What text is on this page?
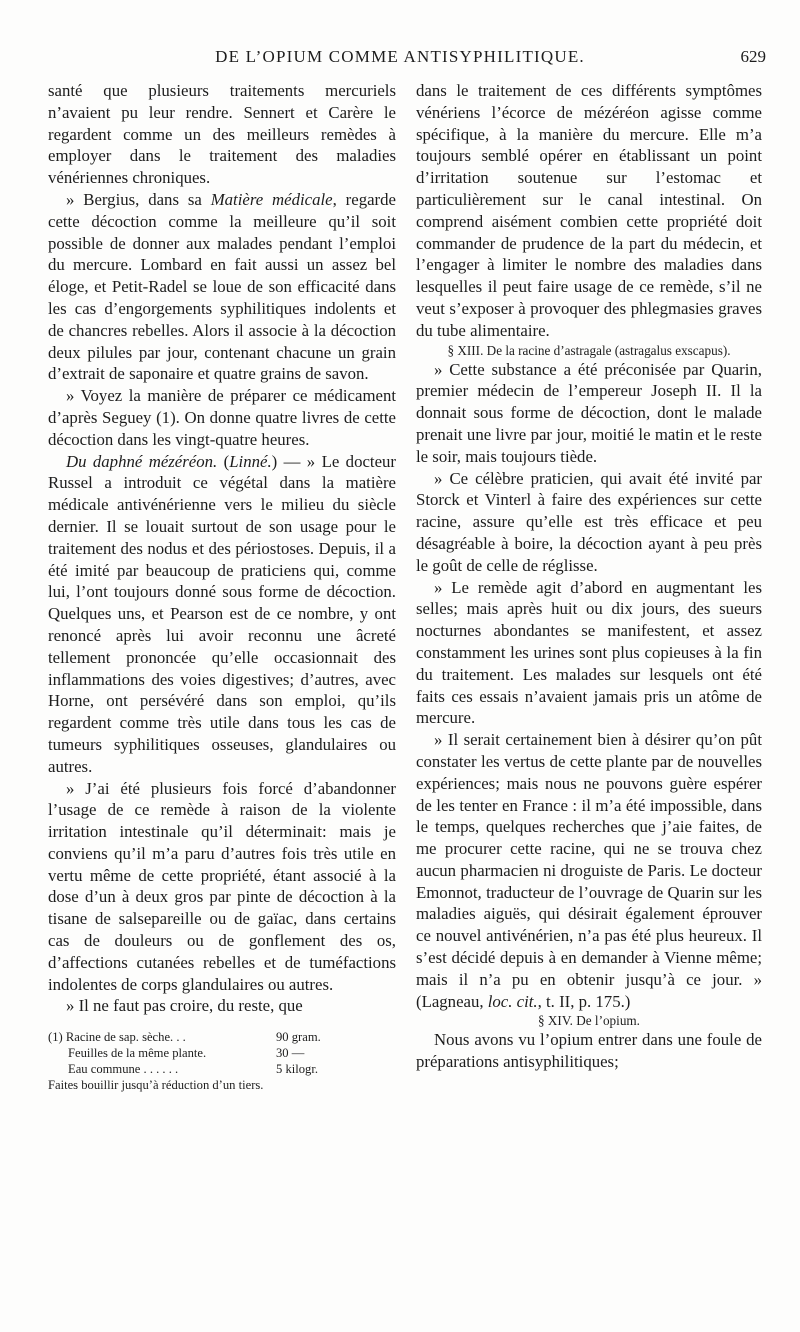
DE L’OPIUM COMME ANTISYPHILITIQUE.	629

santé que plusieurs traitements mercuriels n’avaient pu leur rendre. Sennert et Carère le regardent comme un des meilleurs remèdes à employer dans le traitement des maladies vénériennes chroniques.

» Bergius, dans sa Matière médicale, regarde cette décoction comme la meilleure qu’il soit possible de donner aux malades pendant l’emploi du mercure. Lombard en fait aussi un assez bel éloge, et Petit-Radel se loue de son efficacité dans les cas d’engorgements syphilitiques indolents et de chancres rebelles. Alors il associe à la décoction deux pilules par jour, contenant chacune un grain d’extrait de saponaire et quatre grains de savon.

» Voyez la manière de préparer ce médicament d’après Seguey (1). On donne quatre livres de cette décoction dans les vingt-quatre heures.

Du daphné mézéréon. (Linné.) — » Le docteur Russel a introduit ce végétal dans la matière médicale antivénérienne vers le milieu du siècle dernier. Il se louait surtout de son usage pour le traitement des nodus et des périostoses. Depuis, il a été imité par beaucoup de praticiens qui, comme lui, l’ont toujours donné sous forme de décoction. Quelques uns, et Pearson est de ce nombre, y ont renoncé après lui avoir reconnu une âcreté tellement prononcée qu’elle occasionnait des inflammations des voies digestives; d’autres, avec Horne, ont persévéré dans son emploi, qu’ils regardent comme très utile dans tous les cas de tumeurs syphilitiques osseuses, glandulaires ou autres.

» J’ai été plusieurs fois forcé d’abandonner l’usage de ce remède à raison de la violente irritation intestinale qu’il déterminait: mais je conviens qu’il m’a paru d’autres fois très utile en vertu même de cette propriété, étant associé à la dose d’un à deux gros par pinte de décoction à la tisane de salsepareille ou de gaïac, dans certains cas de douleurs ou de gonflement des os, d’affections cutanées rebelles et de tuméfactions indolentes de corps glandulaires ou autres.

» Il ne faut pas croire, du reste, que

(1) Racine de sap. sèche. . .	90 gram.
Feuilles de la même plante.	30 —
Eau commune . . . . . .	5 kilogr.
Faites bouillir jusqu’à réduction d’un tiers.

dans le traitement de ces différents symptômes vénériens l’écorce de mézéréon agisse comme spécifique, à la manière du mercure. Elle m’a toujours semblé opérer en établissant un point d’irritation soutenue sur l’estomac et particulièrement sur le canal intestinal. On comprend aisément combien cette propriété doit commander de prudence de la part du médecin, et l’engager à limiter le nombre des maladies dans lesquelles il peut faire usage de ce remède, s’il ne veut s’exposer à provoquer des phlegmasies graves du tube alimentaire.

§ XIII. De la racine d’astragale (astragalus exscapus).

» Cette substance a été préconisée par Quarin, premier médecin de l’empereur Joseph II. Il la donnait sous forme de décoction, dont le malade prenait une livre par jour, moitié le matin et le reste le soir, mais toujours tiède.

» Ce célèbre praticien, qui avait été invité par Storck et Vinterl à faire des expériences sur cette racine, assure qu’elle est très efficace et peu désagréable à boire, la décoction ayant à peu près le goût de celle de réglisse.

» Le remède agit d’abord en augmentant les selles; mais après huit ou dix jours, des sueurs nocturnes abondantes se manifestent, et assez constamment les urines sont plus copieuses à la fin du traitement. Les malades sur lesquels ont été faits ces essais n’avaient jamais pris un atôme de mercure.

» Il serait certainement bien à désirer qu’on pût constater les vertus de cette plante par de nouvelles expériences; mais nous ne pouvons guère espérer de les tenter en France : il m’a été impossible, dans le temps, quelques recherches que j’aie faites, de me procurer cette racine, qui ne se trouva chez aucun pharmacien ni droguiste de Paris. Le docteur Emonnot, traducteur de l’ouvrage de Quarin sur les maladies aiguës, qui désirait également éprouver ce nouvel antivénérien, n’a pas été plus heureux. Il s’est décidé depuis à en demander à Vienne même; mais il n’a pu en obtenir jusqu’à ce jour. » (Lagneau, loc. cit., t. II, p. 175.)

§ XIV. De l’opium.

Nous avons vu l’opium entrer dans une foule de préparations antisyphilitiques;
